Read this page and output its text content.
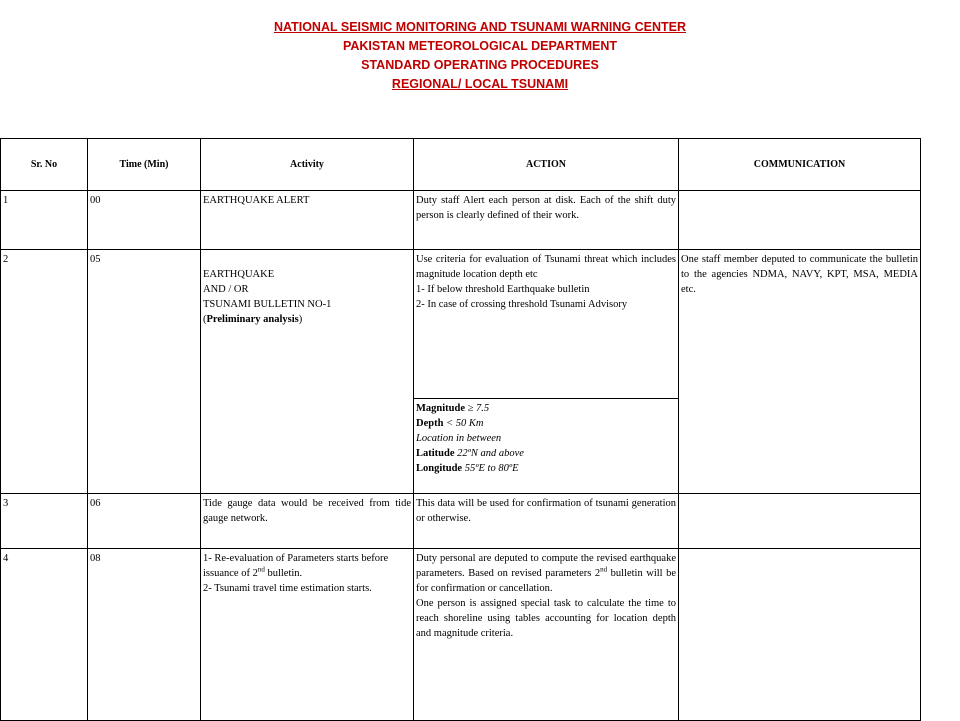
NATIONAL SEISMIC MONITORING AND TSUNAMI WARNING CENTER
PAKISTAN METEOROLOGICAL DEPARTMENT
STANDARD OPERATING PROCEDURES
REGIONAL/ LOCAL TSUNAMI
Sr. No	Time (Min)	Activity	ACTION	COMMUNICATION
1	00	EARTHQUAKE ALERT	Duty staff Alert each person at disk. Each of the shift duty person is clearly defined of their work.	
2	05	EARTHQUAKE
AND / OR
TSUNAMI BULLETIN NO-1
(Preliminary analysis)	Use criteria for evaluation of Tsunami threat which includes magnitude location depth etc
1- If below threshold Earthquake bulletin
2- In case of crossing threshold Tsunami Advisory	One staff member deputed to communicate the bulletin to the agencies NDMA, NAVY, KPT, MSA, MEDIA etc.

			Magnitude ≥ 7.5
Depth < 50 Km
Location in between
Latitude 22ºN and above
Longitude 55ºE to 80ºE	

3	06	Tide gauge data would be received from tide gauge network.	This data will be used for confirmation of tsunami generation or otherwise.	
4	08	1- Re-evaluation of Parameters starts before issuance of 2nd bulletin.
2- Tsunami travel time estimation starts.	Duty personal are deputed to compute the revised earthquake parameters. Based on revised parameters 2nd bulletin will be for confirmation or cancellation.
One person is assigned special task to calculate the time to reach shoreline using tables accounting for location depth and magnitude criteria.	
